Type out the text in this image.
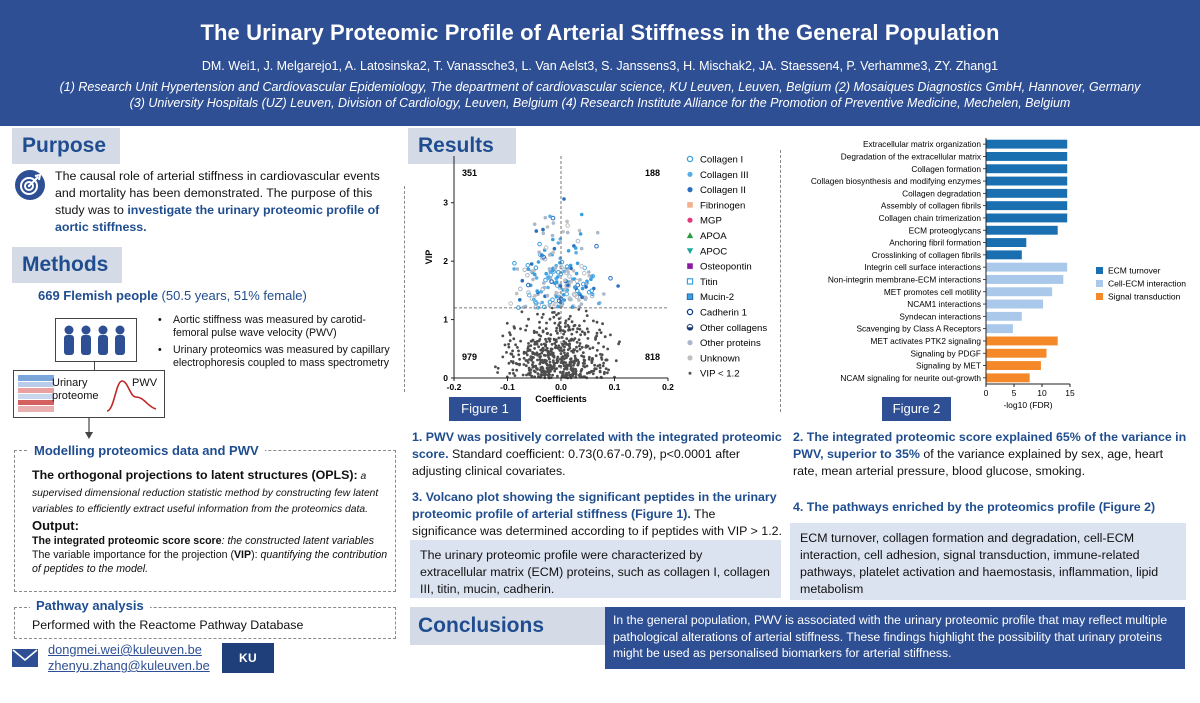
The Urinary Proteomic Profile of Arterial Stiffness in the General Population
DM. Wei1, J. Melgarejo1, A. Latosinska2, T. Vanassche3, L. Van Aelst3, S. Janssens3, H. Mischak2, JA. Staessen4, P. Verhamme3, ZY. Zhang1
(1) Research Unit Hypertension and Cardiovascular Epidemiology, The department of cardiovascular science, KU Leuven, Leuven, Belgium (2) Mosaiques Diagnostics GmbH, Hannover, Germany
(3) University Hospitals (UZ) Leuven, Division of Cardiology, Leuven, Belgium (4) Research Institute Alliance for the Promotion of Preventive Medicine, Mechelen, Belgium
Purpose
The causal role of arterial stiffness in cardiovascular events and mortality has been demonstrated. The purpose of this study was to investigate the urinary proteomic profile of aortic stiffness.
Methods
669 Flemish people (50.5 years, 51% female)
Urinary proteome
PWV
• Aortic stiffness was measured by carotid-femoral pulse wave velocity (PWV)
• Urinary proteomics was measured by capillary electrophoresis coupled to mass spectrometry
Modelling proteomics data and PWV
The orthogonal projections to latent structures (OPLS): a supervised dimensional reduction statistic method by constructing few latent variables to efficiently extract useful information from the proteomics data.
Output:
The integrated proteomic score score: the constructed latent variables
The variable importance for the projection (VIP): quantifying the contribution of peptides to the model.
Pathway analysis
Performed with the Reactome Pathway Database
dongmei.wei@kuleuven.be
zhenyu.zhang@kuleuven.be	KU LEUVEN
Results
-0.2	-0.1	0.0	0.1	0.2
0
1
2
3
Coefficients
VIP
351	188
979	818
Collagen I
Collagen III
Collagen II
Fibrinogen
MGP
APOA
APOC
Osteopontin
Titin
Mucin-2
Cadherin 1
Other collagens
Other proteins
Unknown
VIP < 1.2
Figure 1
Extracellular matrix organization
Degradation of the extracellular matrix
Collagen formation
Collagen biosynthesis and modifying enzymes
Collagen degradation
Assembly of collagen fibrils
Collagen chain trimerization
ECM proteoglycans
Anchoring fibril formation
Crosslinking of collagen fibrils
Integrin cell surface interactions
Non-integrin membrane-ECM interactions
MET promotes cell motility
NCAM1 interactions
Syndecan interactions
Scavenging by Class A Receptors
MET activates PTK2 signaling
Signaling by PDGF
Signaling by MET
NCAM signaling for neurite out-growth
0	5 10 15
-log10 (FDR)
ECM turnover
Cell-ECM interaction
Signal transduction
Figure 2
1. PWV was positively correlated with the integrated proteomic score. Standard coefficient: 0.73(0.67-0.79), p<0.0001 after adjusting clinical covariates.
3. Volcano plot showing the significant peptides in the urinary proteomic profile of arterial stiffness (Figure 1). The significance was determined according to if peptides with VIP > 1.2.
The urinary proteomic profile were characterized by extracellular matrix (ECM) proteins, such as collagen I, collagen III, titin, mucin, cadherin.
2. The integrated proteomic score explained 65% of the variance in PWV, superior to 35% of the variance explained by sex, age, heart rate, mean arterial pressure, blood glucose, smoking.
4. The pathways enriched by the proteomics profile (Figure 2)
ECM turnover, collagen formation and degradation, cell-ECM interaction, cell adhesion, signal transduction, immune-related pathways, platelet activation and haemostasis, inflammation, lipid metabolism
Conclusions	In the general population, PWV is associated with the urinary proteomic profile that may reflect multiple pathological alterations of arterial stiffness. These findings highlight the possibility that urinary proteins might be used as personalised biomarkers for arterial stiffness.
